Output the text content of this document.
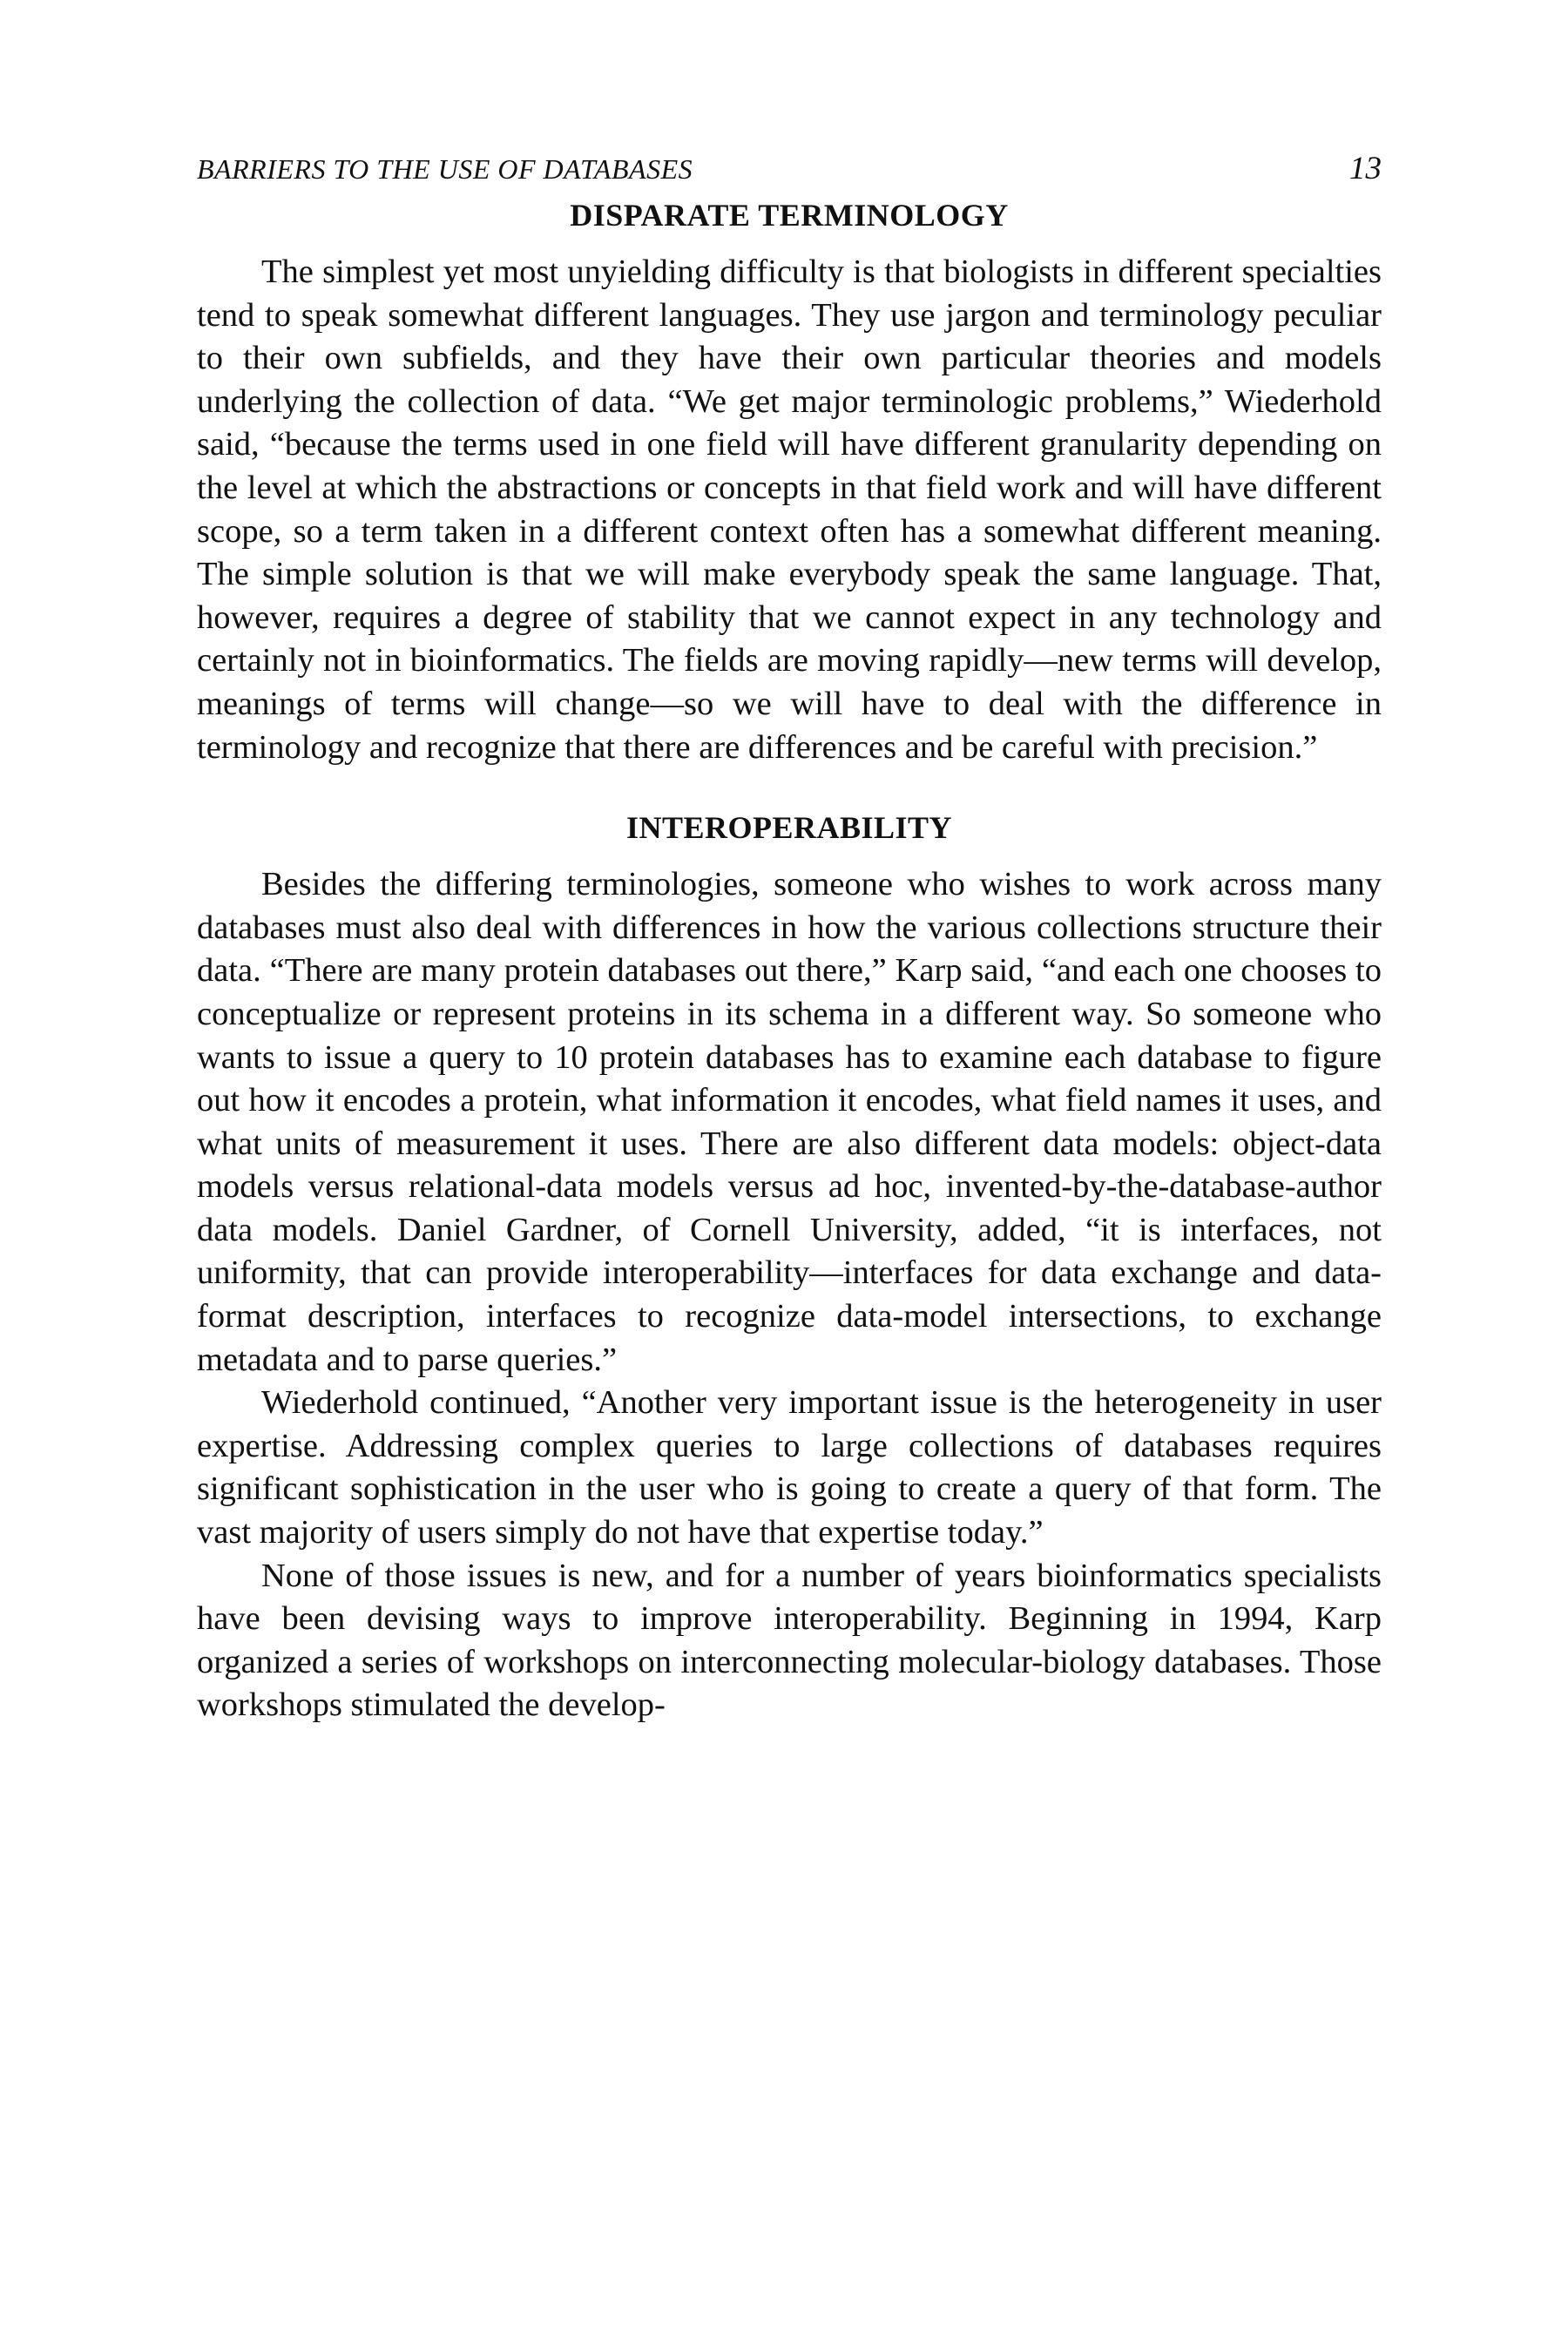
BARRIERS TO THE USE OF DATABASES	13
DISPARATE TERMINOLOGY

The simplest yet most unyielding difficulty is that biologists in different specialties tend to speak somewhat different languages. They use jargon and terminology peculiar to their own subfields, and they have their own particular theories and models underlying the collection of data. “We get major terminologic problems,” Wiederhold said, “because the terms used in one field will have different granularity depending on the level at which the abstractions or concepts in that field work and will have different scope, so a term taken in a different context often has a somewhat different meaning. The simple solution is that we will make everybody speak the same language. That, however, requires a degree of stability that we cannot expect in any technology and certainly not in bioinformatics. The fields are moving rapidly—new terms will develop, meanings of terms will change—so we will have to deal with the difference in terminology and recognize that there are differences and be careful with precision.”

INTEROPERABILITY

Besides the differing terminologies, someone who wishes to work across many databases must also deal with differences in how the various collections structure their data. “There are many protein databases out there,” Karp said, “and each one chooses to conceptualize or represent proteins in its schema in a different way. So someone who wants to issue a query to 10 protein databases has to examine each database to figure out how it encodes a protein, what information it encodes, what field names it uses, and what units of measurement it uses. There are also different data models: object-data models versus relational-data models versus ad hoc, invented-by-the-database-author data models. Daniel Gardner, of Cornell University, added, “it is interfaces, not uniformity, that can provide interoperability—interfaces for data exchange and data-format description, interfaces to recognize data-model intersections, to exchange metadata and to parse queries.”

Wiederhold continued, “Another very important issue is the heterogeneity in user expertise. Addressing complex queries to large collections of databases requires significant sophistication in the user who is going to create a query of that form. The vast majority of users simply do not have that expertise today.”

None of those issues is new, and for a number of years bioinformatics specialists have been devising ways to improve interoperability. Beginning in 1994, Karp organized a series of workshops on interconnecting molecular-biology databases. Those workshops stimulated the develop-
